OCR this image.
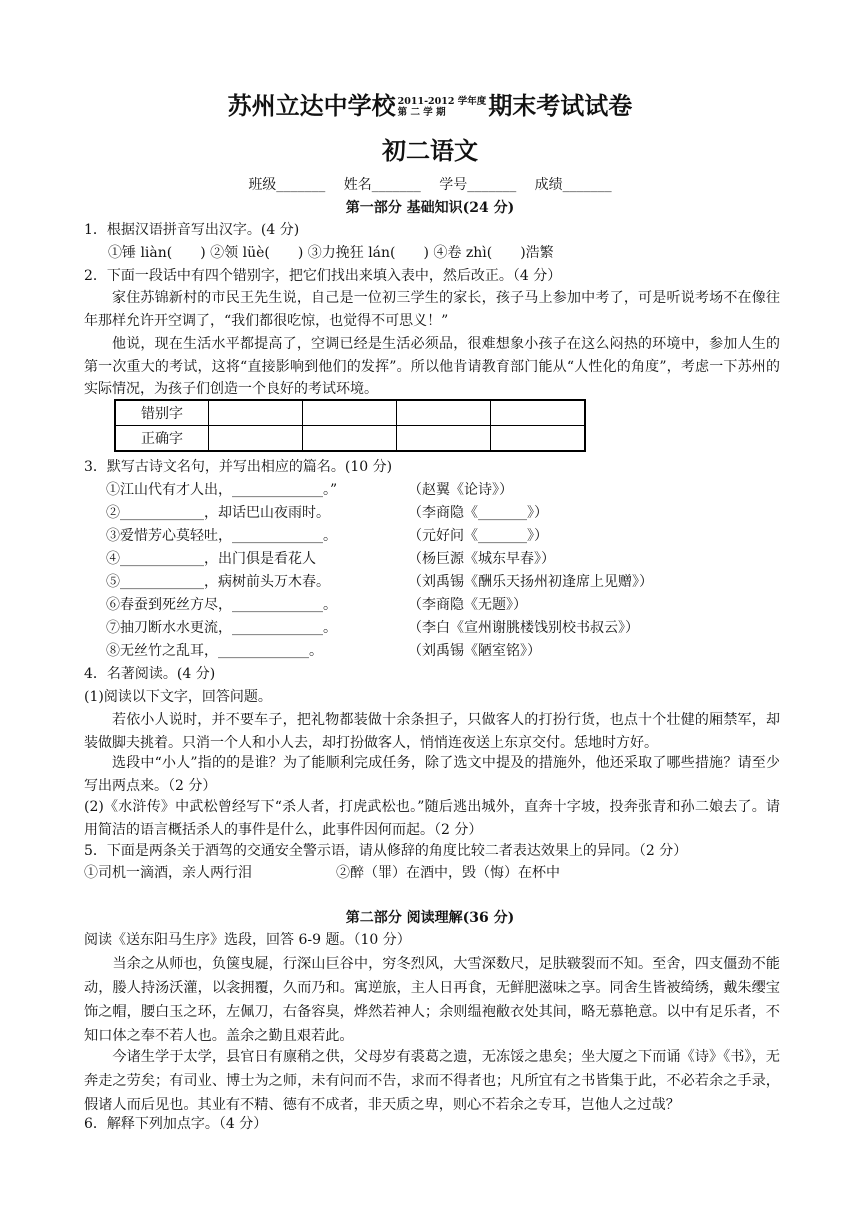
苏州立达中学校 2011-2012 学年度
第 二 学 期 期末考试试卷
初二语文
班级_______　 姓名_______ 　学号_______ 　成绩_______
第一部分 基础知识(24 分)
1．根据汉语拼音写出汉字。(4 分)
①锤 liàn(　　) ②领 lüè(　　) ③力挽狂 lán(　　) ④卷 zhì(　　)浩繁
2．下面一段话中有四个错别字，把它们找出来填入表中，然后改正。（4 分）
家住苏锦新村的市民王先生说，自己是一位初三学生的家长，孩子马上参加中考了，可是听说考场不在像往年那样允许开空调了，“我们都很吃惊，也觉得不可思义！”
他说，现在生活水平都提高了，空调已经是生活必须品，很难想象小孩子在这么闷热的环境中，参加人生的第一次重大的考试，这将“直接影响到他们的发挥”。所以他肯请教育部门能从“人性化的角度”，考虑一下苏州的实际情况，为孩子们创造一个良好的考试环境。
错别字				
正确字				
3．默写古诗文名句，并写出相应的篇名。(10 分)
①江山代有才人出，_____________。”	（赵翼《论诗》）
②____________，却话巴山夜雨时。	（李商隐《_______》）
③爱惜芳心莫轻吐，_____________。	（元好问《_______》）
④____________，出门俱是看花人	（杨巨源《城东早春》）
⑤____________，病树前头万木春。	（刘禹锡《酬乐天扬州初逢席上见赠》）
⑥春蚕到死丝方尽，_____________。	（李商隐《无题》）
⑦抽刀断水水更流，_____________。	（李白《宣州谢朓楼饯别校书叔云》）
⑧无丝竹之乱耳，_____________。	（刘禹锡《陋室铭》）
4．名著阅读。(4 分)
(1)阅读以下文字，回答问题。
若依小人说时，并不要车子，把礼物都装做十余条担子，只做客人的打扮行货，也点十个壮健的厢禁军，却装做脚夫挑着。只消一个人和小人去，却打扮做客人，悄悄连夜送上东京交付。恁地时方好。
选段中“小人”指的的是谁？为了能顺利完成任务，除了选文中提及的措施外，他还采取了哪些措施？请至少写出两点来。（2 分）
(2)《水浒传》中武松曾经写下“杀人者，打虎武松也。”随后逃出城外，直奔十字坡，投奔张青和孙二娘去了。请用简洁的语言概括杀人的事件是什么，此事件因何而起。（2 分）
5．下面是两条关于酒驾的交通安全警示语，请从修辞的角度比较二者表达效果上的异同。（2 分）
①司机一滴酒，亲人两行泪	②醉（罪）在酒中，毁（悔）在杯中
第二部分 阅读理解(36 分)
阅读《送东阳马生序》选段，回答 6-9 题。（10 分）
当余之从师也，负箧曳屣，行深山巨谷中，穷冬烈风，大雪深数尺，足肤皲裂而不知。至舍，四支僵劲不能动，媵人持汤沃灌，以衾拥覆，久而乃和。寓逆旅，主人日再食，无鲜肥滋味之享。同舍生皆被绮绣，戴朱缨宝饰之帽，腰白玉之环，左佩刀，右备容臭，烨然若神人；余则缊袍敝衣处其间，略无慕艳意。以中有足乐者，不知口体之奉不若人也。盖余之勤且艰若此。
今诸生学于太学，县官日有廪稍之供，父母岁有裘葛之遗，无冻馁之患矣；坐大厦之下而诵《诗》《书》，无奔走之劳矣；有司业、博士为之师，未有问而不告，求而不得者也；凡所宜有之书皆集于此，不必若余之手录，假诸人而后见也。其业有不精、德有不成者，非天质之卑，则心不若余之专耳，岂他人之过哉？
6．解释下列加点字。（4 分）
